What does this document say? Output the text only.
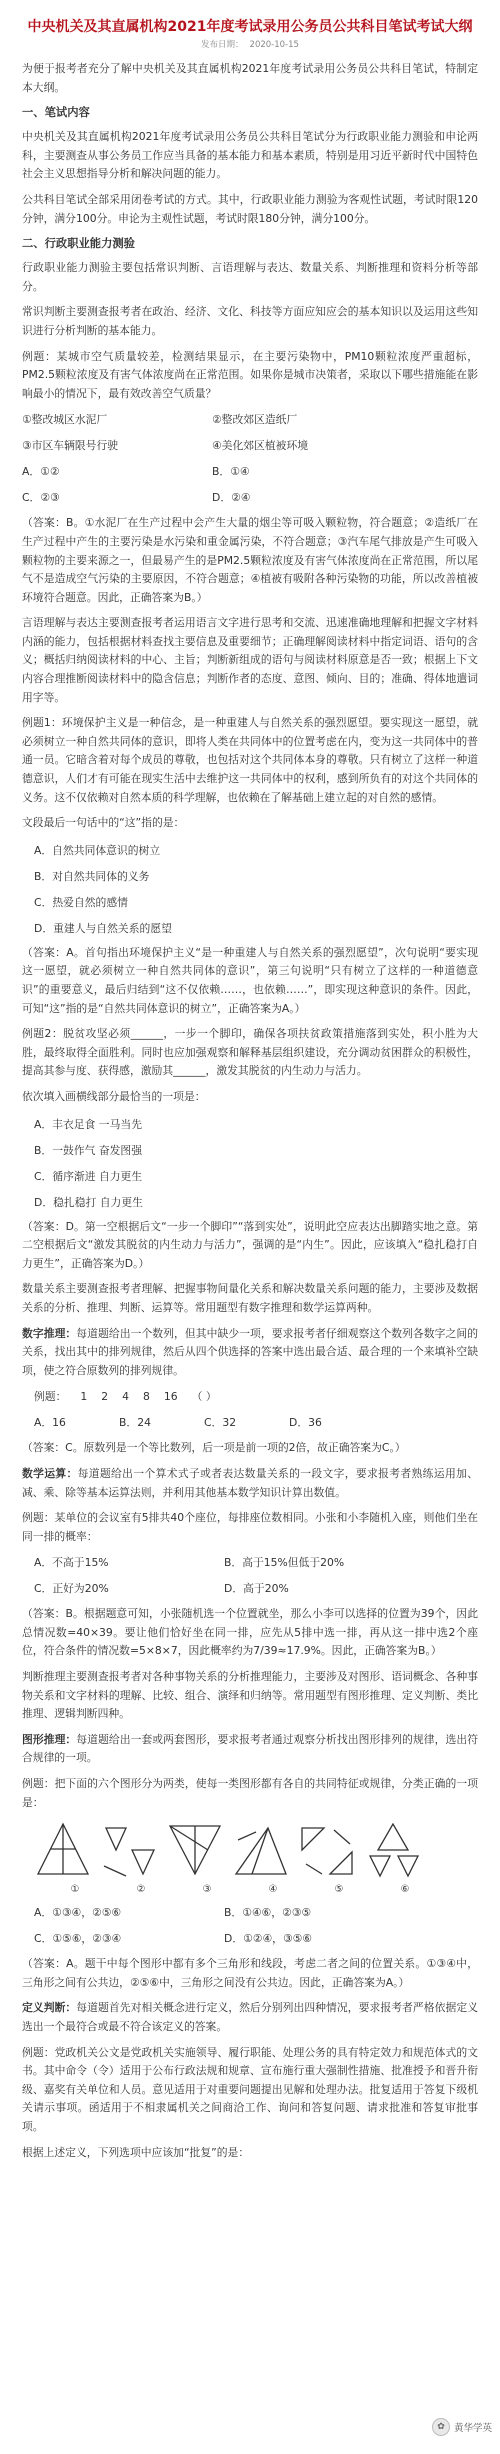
中央机关及其直属机构2021年度考试录用公务员公共科目笔试考试大纲
发布日期： 2020-10-15

为便于报考者充分了解中央机关及其直属机构2021年度考试录用公务员公共科目笔试，特制定本大纲。

一、笔试内容

中央机关及其直属机构2021年度考试录用公务员公共科目笔试分为行政职业能力测验和申论两科，主要测查从事公务员工作应当具备的基本能力和基本素质，特别是用习近平新时代中国特色社会主义思想指导分析和解决问题的能力。

公共科目笔试全部采用闭卷考试的方式。其中，行政职业能力测验为客观性试题，考试时限120分钟，满分100分。申论为主观性试题，考试时限180分钟，满分100分。

二、行政职业能力测验

行政职业能力测验主要包括常识判断、言语理解与表达、数量关系、判断推理和资料分析等部分。

常识判断主要测查报考者在政治、经济、文化、科技等方面应知应会的基本知识以及运用这些知识进行分析判断的基本能力。

例题：某城市空气质量较差，检测结果显示，在主要污染物中，PM10颗粒浓度严重超标，PM2.5颗粒浓度及有害气体浓度尚在正常范围。如果你是城市决策者，采取以下哪些措施能在影响最小的情况下，最有效改善空气质量？

①整改城区水泥厂	②整改郊区造纸厂
③市区车辆限号行驶	④美化郊区植被环境
A．①②	B．①④
C．②③	D．②④

（答案：B。①水泥厂在生产过程中会产生大量的烟尘等可吸入颗粒物，符合题意；②造纸厂在生产过程中产生的主要污染是水污染和重金属污染，不符合题意；③汽车尾气排放是产生可吸入颗粒物的主要来源之一，但最易产生的是PM2.5颗粒浓度及有害气体浓度尚在正常范围，所以尾气不是造成空气污染的主要原因，不符合题意；④植被有吸附各种污染物的功能，所以改善植被环境符合题意。因此，正确答案为B。）

言语理解与表达主要测查报考者运用语言文字进行思考和交流、迅速准确地理解和把握文字材料内涵的能力，包括根据材料查找主要信息及重要细节；正确理解阅读材料中指定词语、语句的含义；概括归纳阅读材料的中心、主旨；判断新组成的语句与阅读材料原意是否一致；根据上下文内容合理推断阅读材料中的隐含信息；判断作者的态度、意图、倾向、目的；准确、得体地遣词用字等。

例题1：环境保护主义是一种信念，是一种重建人与自然关系的强烈愿望。要实现这一愿望，就必须树立一种自然共同体的意识，即将人类在共同体中的位置考虑在内，变为这一共同体中的普通一员。它暗含着对每个成员的尊敬，也包括对这个共同体本身的尊敬。只有树立了这样一种道德意识，人们才有可能在现实生活中去维护这一共同体中的权利，感到所负有的对这个共同体的义务。这不仅依赖对自然本质的科学理解，也依赖在了解基础上建立起的对自然的感情。

文段最后一句话中的“这”指的是：

A．自然共同体意识的树立
B．对自然共同体的义务
C．热爱自然的感情
D．重建人与自然关系的愿望

（答案：A。首句指出环境保护主义“是一种重建人与自然关系的强烈愿望”，次句说明“要实现这一愿望，就必须树立一种自然共同体的意识”，第三句说明“只有树立了这样的一种道德意识”的重要意义，最后归结到“这不仅依赖……，也依赖……”，即实现这种意识的条件。因此，可知“这”指的是“自然共同体意识的树立”，正确答案为A。）

例题2：脱贫攻坚必须______，一步一个脚印，确保各项扶贫政策措施落到实处，积小胜为大胜，最终取得全面胜利。同时也应加强观察和解释基层组织建设，充分调动贫困群众的积极性，提高其参与度、获得感，激励其______，激发其脱贫的内生动力与活力。

依次填入画横线部分最恰当的一项是：

A．丰衣足食 一马当先
B．一鼓作气 奋发图强
C．循序渐进 自力更生
D．稳扎稳打 自力更生

（答案：D。第一空根据后文“一步一个脚印”“落到实处”，说明此空应表达出脚踏实地之意。第二空根据后文“激发其脱贫的内生动力与活力”，强调的是“内生”。因此，应该填入“稳扎稳打自力更生”，正确答案为D。）

数量关系主要测查报考者理解、把握事物间量化关系和解决数量关系问题的能力，主要涉及数据关系的分析、推理、判断、运算等。常用题型有数字推理和数学运算两种。

数字推理：每道题给出一个数列，但其中缺少一项，要求报考者仔细观察这个数列各数字之间的关系，找出其中的排列规律，然后从四个供选择的答案中选出最合适、最合理的一个来填补空缺项，使之符合原数列的排列规律。

例题： 1 2 4 8 16 （ ）
A．16	B．24	C．32	D．36

（答案：C。原数列是一个等比数列，后一项是前一项的2倍，故正确答案为C。）

数学运算：每道题给出一个算术式子或者表达数量关系的一段文字，要求报考者熟练运用加、减、乘、除等基本运算法则，并利用其他基本数学知识计算出数值。

例题：某单位的会议室有5排共40个座位，每排座位数相同。小张和小李随机入座，则他们坐在同一排的概率：

A．不高于15%	B．高于15%但低于20%
C．正好为20%	D．高于20%

（答案：B。根据题意可知，小张随机选一个位置就坐，那么小李可以选择的位置为39个，因此总情况数=40×39。要让他们恰好坐在同一排，应先从5排中选一排，再从这一排中选2个座位，符合条件的情况数=5×8×7，因此概率约为7/39≈17.9%。因此，正确答案为B。）

判断推理主要测查报考者对各种事物关系的分析推理能力，主要涉及对图形、语词概念、各种事物关系和文字材料的理解、比较、组合、演绎和归纳等。常用题型有图形推理、定义判断、类比推理、逻辑判断四种。

图形推理：每道题给出一套或两套图形，要求报考者通过观察分析找出图形排列的规律，选出符合规律的一项。

例题：把下面的六个图形分为两类，使每一类图形都有各自的共同特征或规律，分类正确的一项是：

①	②	③	④	⑤	⑥
A．①③④，②⑤⑥	B．①④⑥，②③⑤
C．①⑤⑥，②③④	D．①②④，③⑤⑥

（答案：A。题干中每个图形中都有多个三角形和线段，考虑二者之间的位置关系。①③④中，三角形之间有公共边，②⑤⑥中，三角形之间没有公共边。因此，正确答案为A。）

定义判断：每道题首先对相关概念进行定义，然后分别列出四种情况，要求报考者严格依据定义选出一个最符合或最不符合该定义的答案。

例题：党政机关公文是党政机关实施领导、履行职能、处理公务的具有特定效力和规范体式的文书。其中命令（令）适用于公布行政法规和规章、宣布施行重大强制性措施、批准授予和晋升衔级、嘉奖有关单位和人员。意见适用于对重要问题提出见解和处理办法。批复适用于答复下级机关请示事项。函适用于不相隶属机关之间商洽工作、询问和答复问题、请求批准和答复审批事项。

根据上述定义，下列选项中应该加“批复”的是：

✿ 黄华学英
